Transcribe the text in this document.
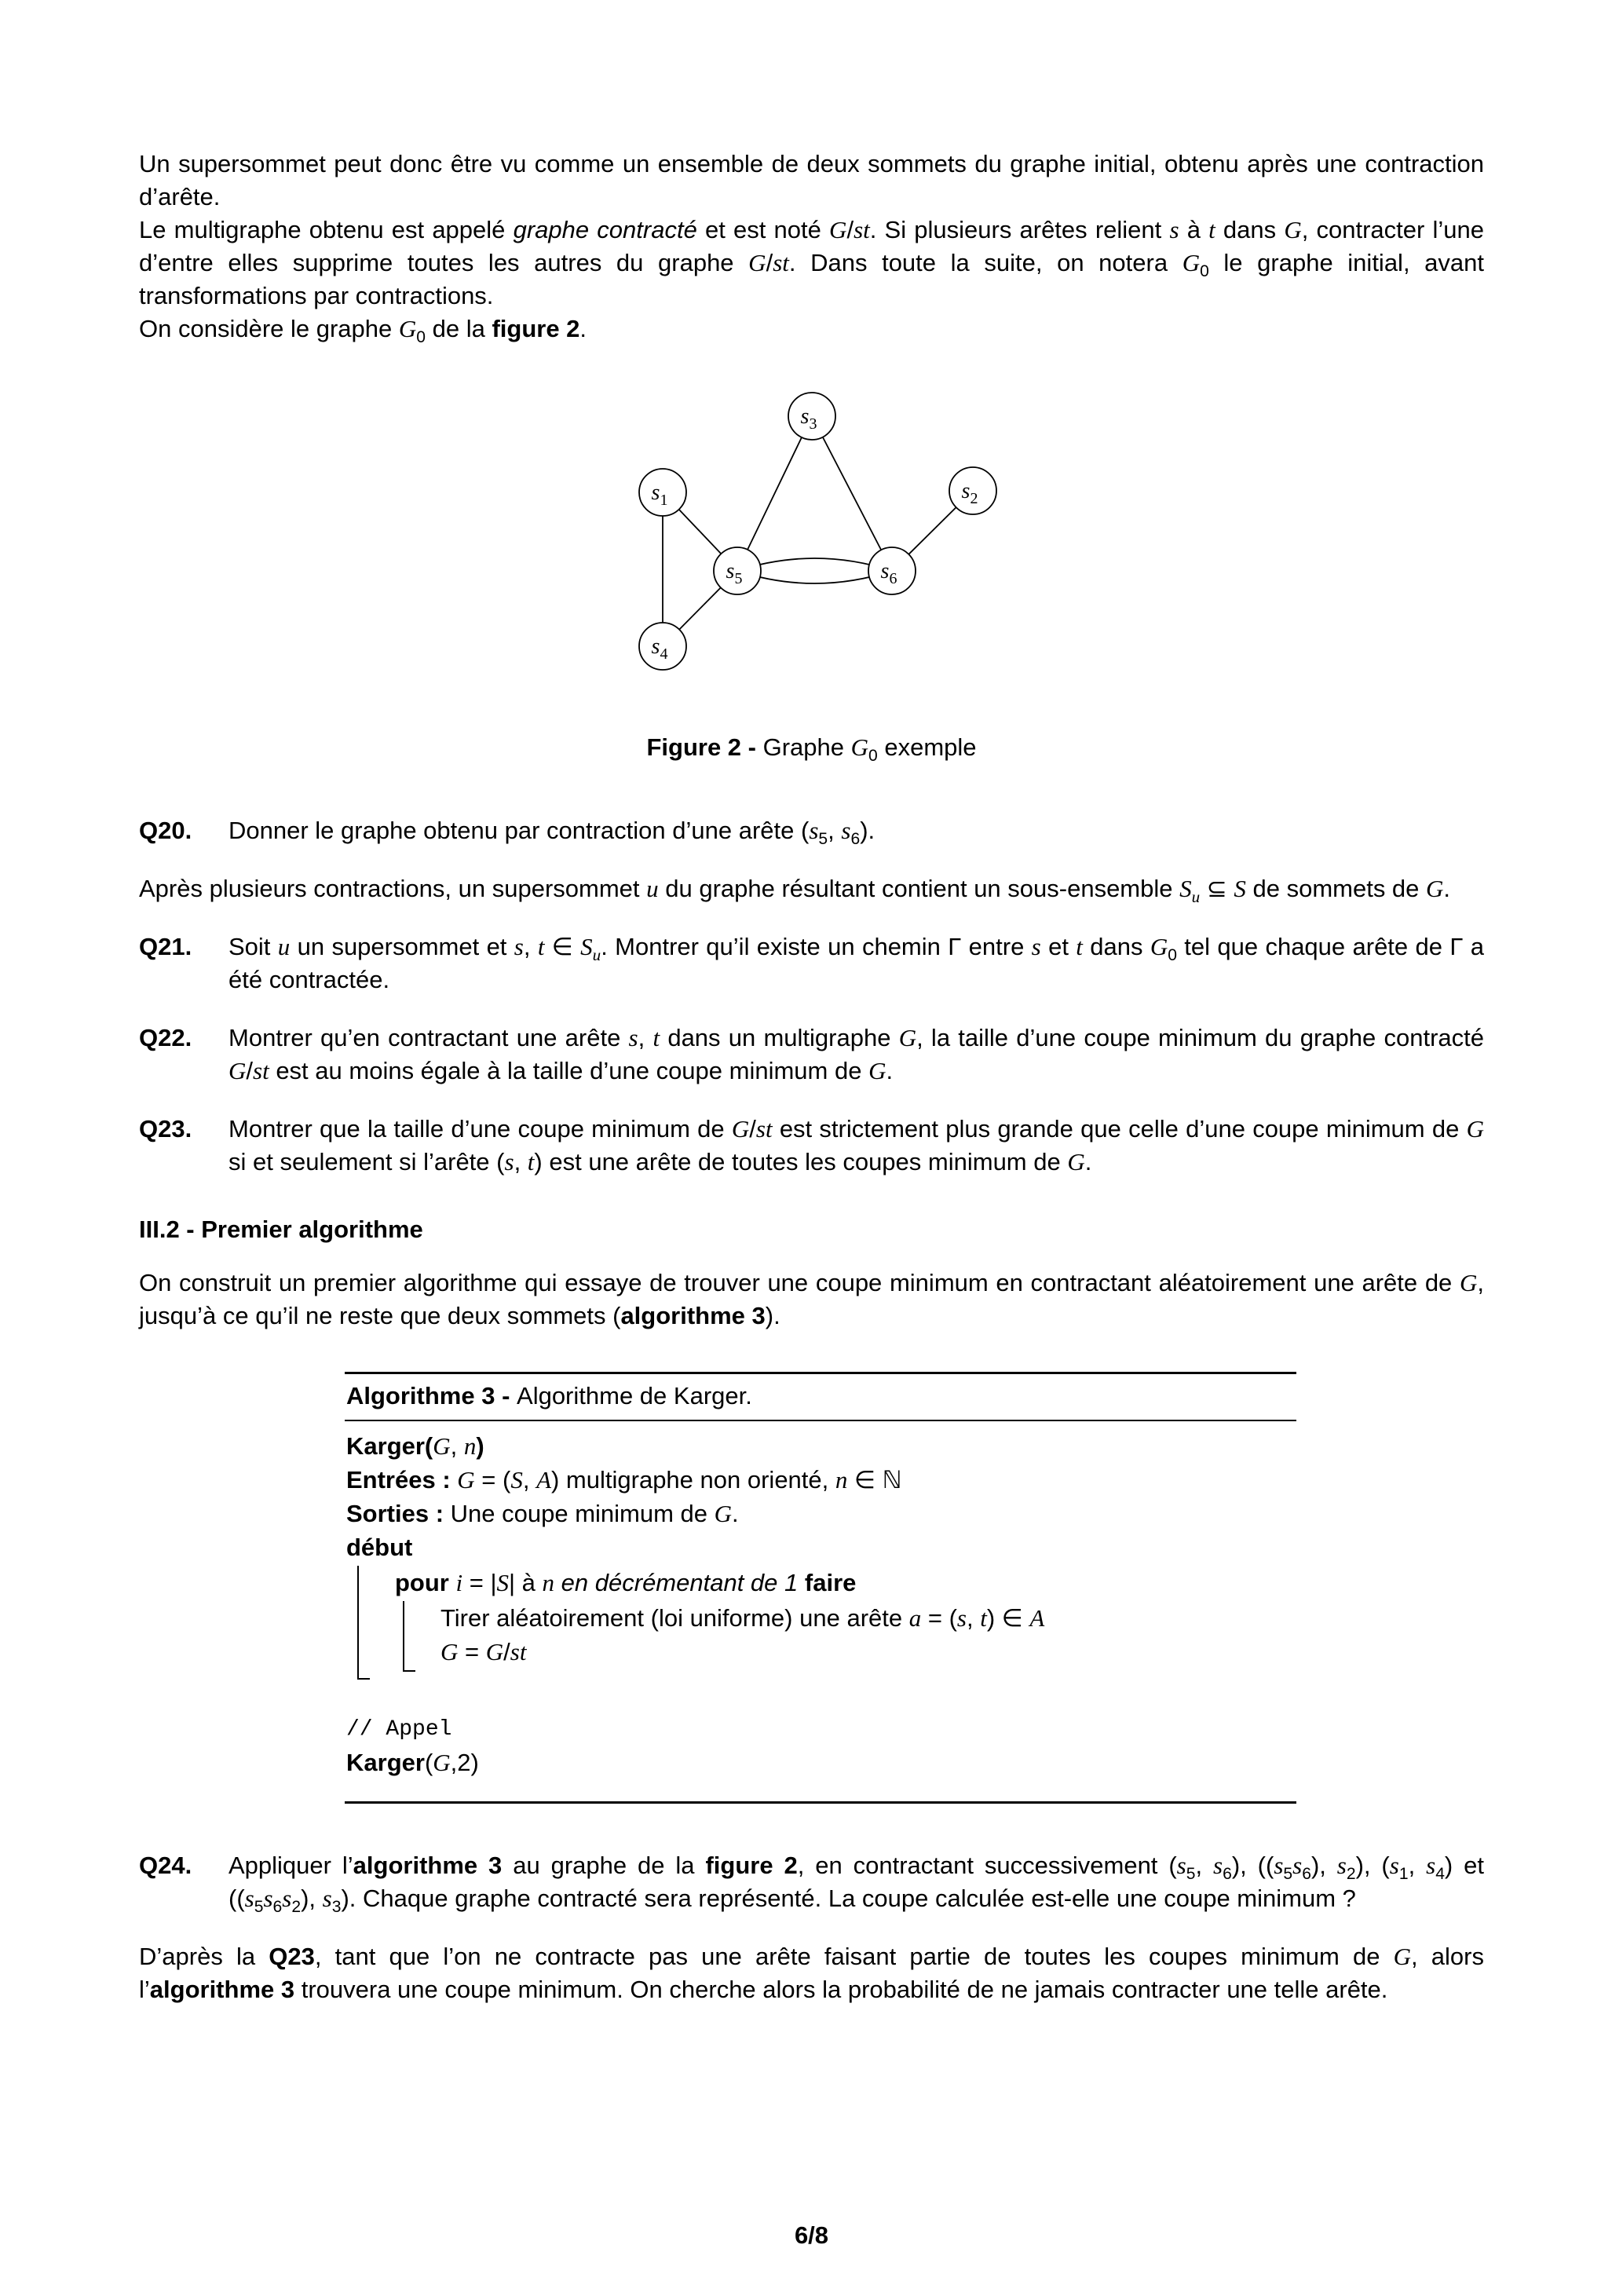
Un supersommet peut donc être vu comme un ensemble de deux sommets du graphe initial, obtenu après une contraction d’arête.

Le multigraphe obtenu est appelé graphe contracté et est noté G/st. Si plusieurs arêtes relient s à t dans G, contracter l’une d’entre elles supprime toutes les autres du graphe G/st. Dans toute la suite, on notera $G_0$ le graphe initial, avant transformations par contractions.

On considère le graphe $G_0$ de la figure 2.

$s_3$
$s_1$	$s_2$
$s_5$	$s_6$
$s_4$
Figure 2 - Graphe $G_0$ exemple
Q20.	Donner le graphe obtenu par contraction d’une arête ($s_5$, $s_6$).

Après plusieurs contractions, un supersommet u du graphe résultant contient un sous-ensemble $S_u$ ⊆ S de sommets de G.

Q21.	Soit u un supersommet et s, t ∈ $S_u$. Montrer qu’il existe un chemin Γ entre s et t dans $G_0$ tel que chaque arête de Γ a été contractée.
Q22.	Montrer qu’en contractant une arête s, t dans un multigraphe G, la taille d’une coupe minimum du graphe contracté G/st est au moins égale à la taille d’une coupe minimum de G.
Q23.	Montrer que la taille d’une coupe minimum de G/st est strictement plus grande que celle d’une coupe minimum de G si et seulement si l’arête (s, t) est une arête de toutes les coupes minimum de G.
III.2 - Premier algorithme

On construit un premier algorithme qui essaye de trouver une coupe minimum en contractant aléatoirement une arête de G, jusqu’à ce qu’il ne reste que deux sommets (algorithme 3).

Algorithme 3 - Algorithme de Karger.
Karger(G, n)
Entrées : G = (S, A) multigraphe non orienté, n ∈ ℕ
Sorties : Une coupe minimum de G.
début
pour i = |S| à n en décrémentant de 1 faire
Tirer aléatoirement (loi uniforme) une arête a = (s, t) ∈ A
G = G/st
// Appel
Karger(G,2)
Q24.	Appliquer l’algorithme 3 au graphe de la figure 2, en contractant successivement ($s_5$, $s_6$), ($(s_5s_6)$, $s_2$), ($s_1$, $s_4$) et ($(s_5s_6s_2)$, $s_3$). Chaque graphe contracté sera représenté. La coupe calculée est-elle une coupe minimum ?

D’après la Q23, tant que l’on ne contracte pas une arête faisant partie de toutes les coupes minimum de G, alors l’algorithme 3 trouvera une coupe minimum. On cherche alors la probabilité de ne jamais contracter une telle arête.

6/8
